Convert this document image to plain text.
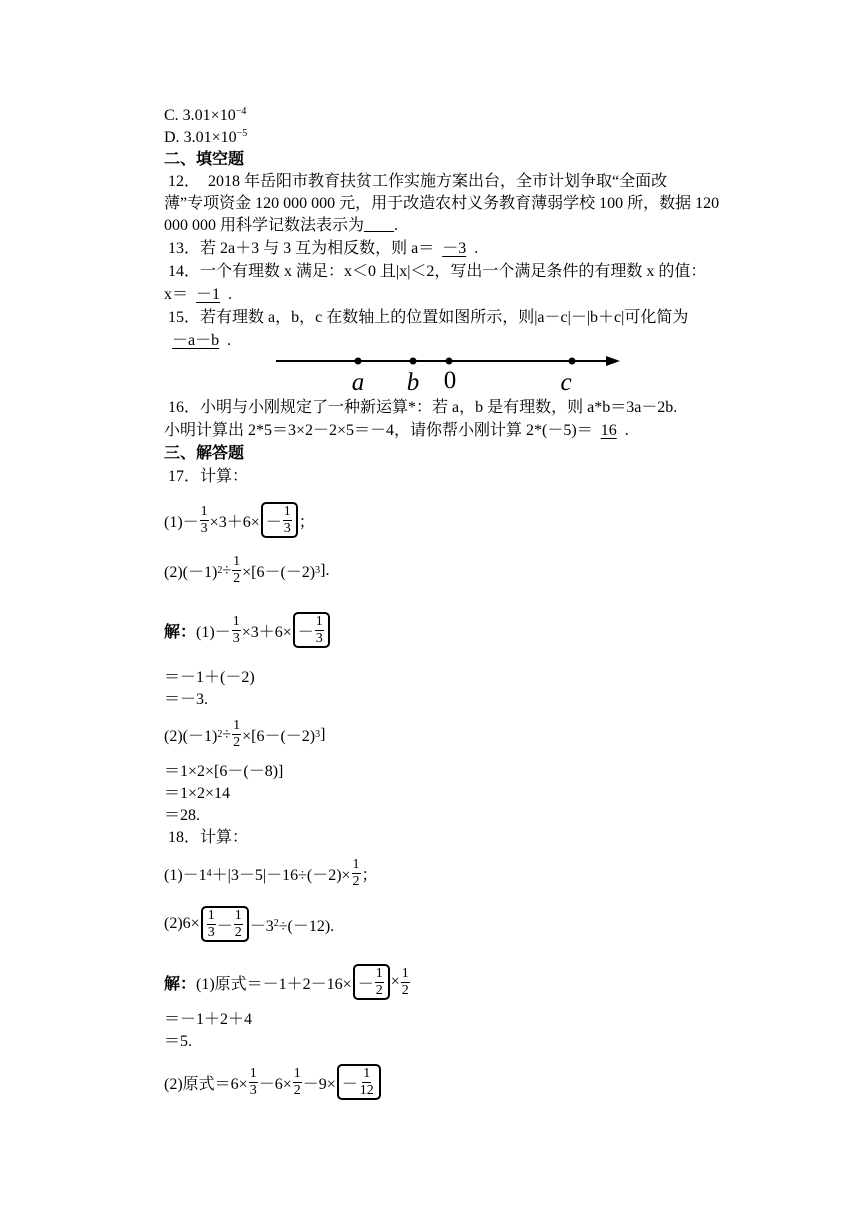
C. $3.01\times 10^{-4}$
D. $3.01\times 10^{-5}$
二、填空题
12．　2018 年岳阳市教育扶贫工作实施方案出台，全市计划争取“全面改
薄”专项资金 120 000 000 元，用于改造农村义务教育薄弱学校 100 所，数据 120
000 000 用科学记数法表示为 .
13．若 2a＋3 与 3 互为相反数，则 a＝ －3 .
14．一个有理数 x 满足：x＜0 且|x|＜2，写出一个满足条件的有理数 x 的值：
x＝ －1 .
15．若有理数 a，b，c 在数轴上的位置如图所示，则|a－c|－|b＋c|可化简为
－a－b .
a b 0	c
16．小明与小刚规定了一种新运算*：若 a，b 是有理数，则 a*b＝3a－2b.
小明计算出 2*5＝3×2－2×5＝－4，请你帮小刚计算 2*(－5)＝ 16 .
三、解答题
17．计算：
$(1)- \frac{1}{3} \times 3+6\times - \frac{1}{3}$ ；
(2)(－1) $2 \div \frac{1}{2} \times[6-(-2)$ 3 ].
解： $(1)- \frac{1}{3} \times 3+6\times - \frac{1}{3}$
＝－1＋(－2)
＝－3.
(2)(－1) $2 \div \frac{1}{2} \times[6-(-2)$ 3 ]
＝1×2×[6－(－8)]
＝1×2×14
＝28.
18．计算：
(1)－1 $4 +|3-5|-16\div(-2)\times \frac{1}{2}$ ；
$(2)6\times \frac{1}{3} - \frac{1}{2} -3$ 2 ÷(－12).
解： (1)原式$=-1+2-16\times - \frac{1}{2} \times \frac{1}{2}$
＝－1＋2＋4
＝5.
(2)原式$=6\times \frac{1}{3} -6\times \frac{1}{2} -9\times - \frac{1}{12}$
